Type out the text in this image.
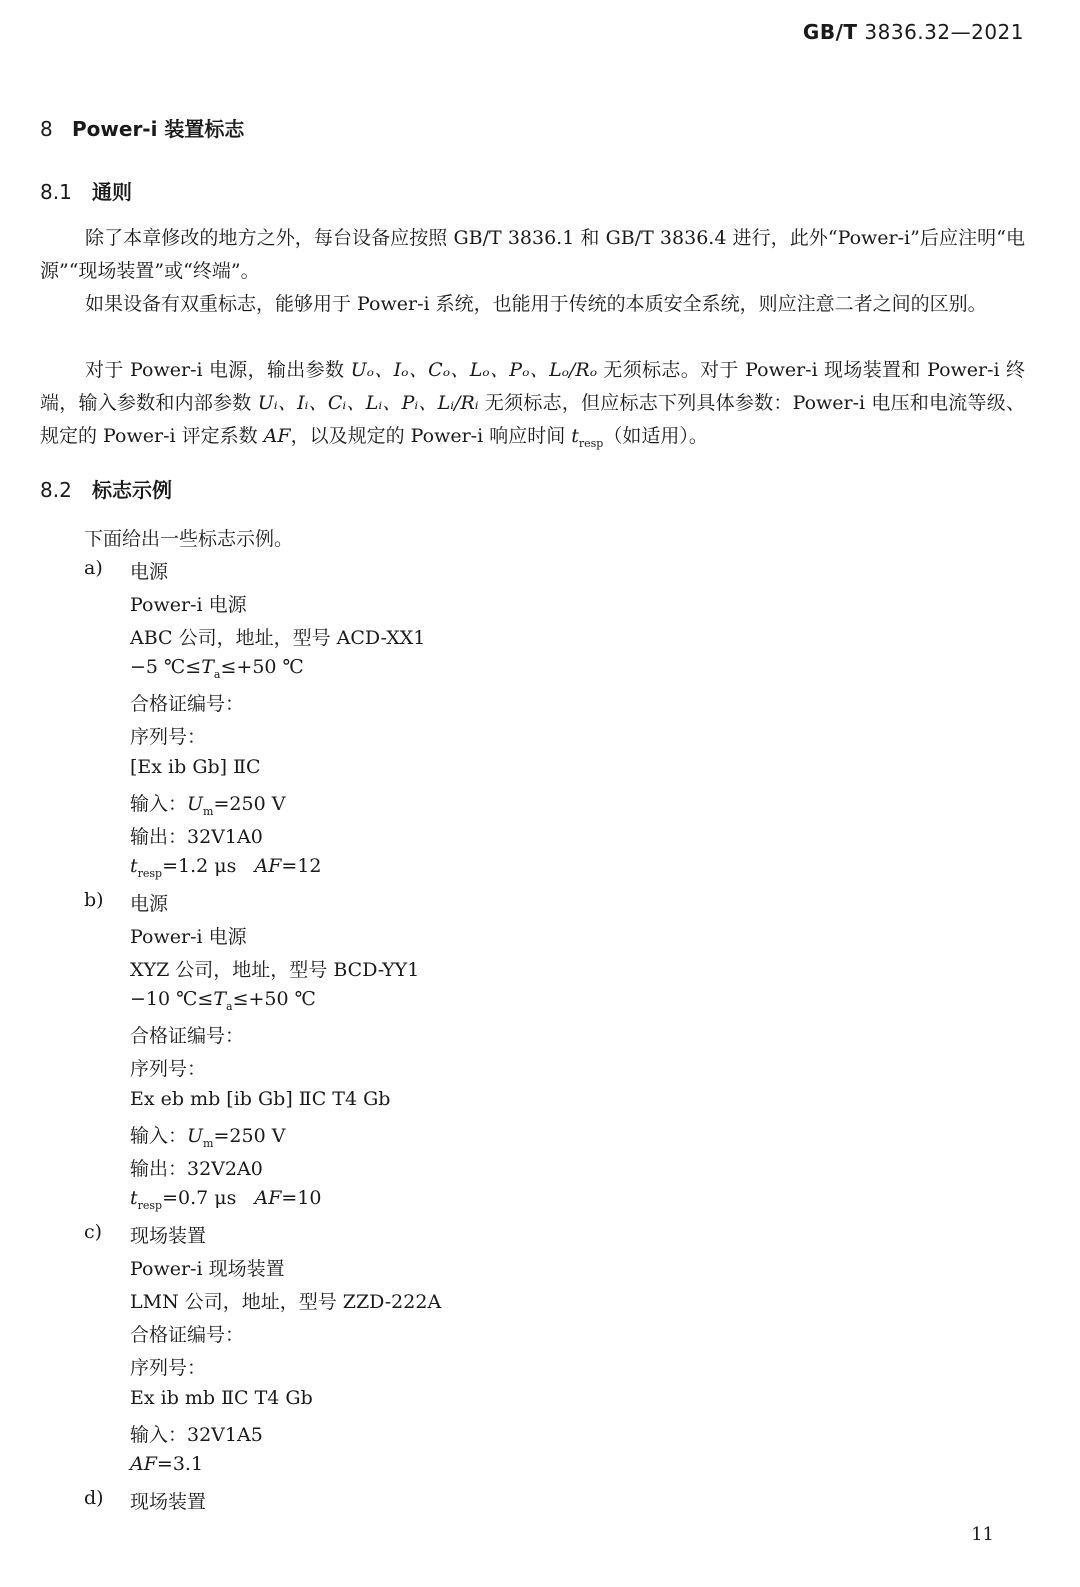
GB/T 3836.32—2021
8 Power-i 装置标志
8.1 通则

除了本章修改的地方之外，每台设备应按照 GB/T 3836.1 和 GB/T 3836.4 进行，此外“Power-i”后应注明“电源”“现场装置”或“终端”。

如果设备有双重标志，能够用于 Power-i 系统，也能用于传统的本质安全系统，则应注意二者之间的区别。

对于 Power-i 电源，输出参数 Uₒ、Iₒ、Cₒ、Lₒ、Pₒ、Lₒ/Rₒ 无须标志。对于 Power-i 现场装置和 Power-i 终端，输入参数和内部参数 Uᵢ、Iᵢ、Cᵢ、Lᵢ、Pᵢ、Lᵢ/Rᵢ 无须标志，但应标志下列具体参数：Power-i 电压和电流等级、规定的 Power-i 评定系数 AF，以及规定的 Power-i 响应时间 $t_{resp}$（如适用）。

8.2 标志示例
下面给出一些标志示例。
a) 电源
Power-i 电源
ABC 公司，地址，型号 ACD-XX1
−5 $℃\le T_a\le+50$ ℃
合格证编号：
序列号：
[Ex ib Gb] ⅡC
输入：$U_m=250$ V
输出：32V1A0
$t_{resp}=1.2$ μs AF=12
b) 电源
Power-i 电源
XYZ 公司，地址，型号 BCD-YY1
−10 $℃\le T_a\le+50$ ℃
合格证编号：
序列号：
Ex eb mb [ib Gb] ⅡC T4 Gb
输入：$U_m=250$ V
输出：32V2A0
$t_{resp}=0.7$ μs AF=10
c) 现场装置
Power-i 现场装置
LMN 公司，地址，型号 ZZD-222A
合格证编号：
序列号：
Ex ib mb ⅡC T4 Gb
输入：32V1A5
AF=3.1
d) 现场装置
11
